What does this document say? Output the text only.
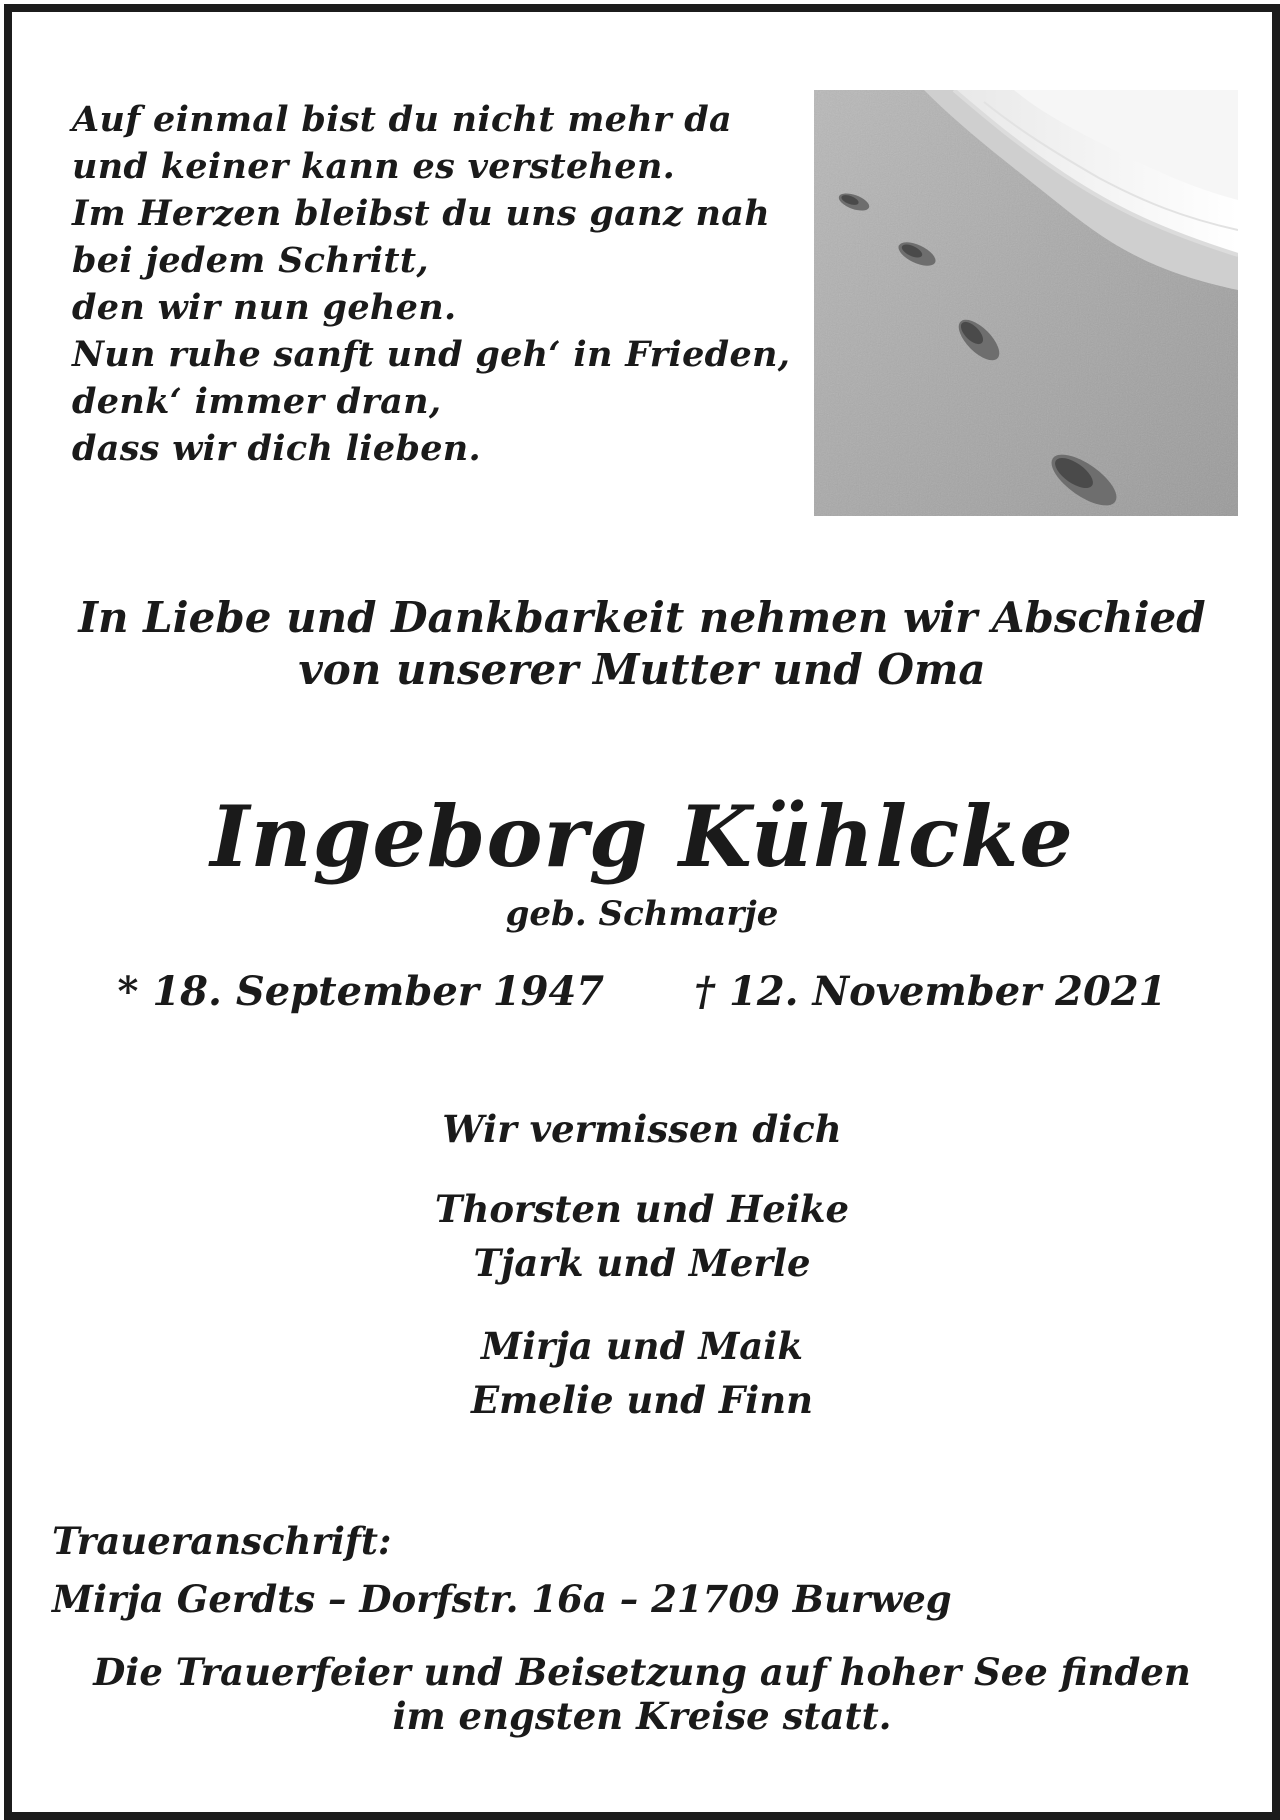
Auf einmal bist du nicht mehr da
und keiner kann es verstehen.
Im Herzen bleibst du uns ganz nah
bei jedem Schritt,
den wir nun gehen.
Nun ruhe sanft und geh‘ in Frieden,
denk‘ immer dran,
dass wir dich lieben.
In Liebe und Dankbarkeit nehmen wir Abschied
von unserer Mutter und Oma
Ingeborg Kühlcke
geb. Schmarje
* 18. September 1947 † 12. November 2021
Wir vermissen dich
Thorsten und Heike
Tjark und Merle
Mirja und Maik
Emelie und Finn
Traueranschrift:
Mirja Gerdts – Dorfstr. 16a – 21709 Burweg
Die Trauerfeier und Beisetzung auf hoher See finden
im engsten Kreise statt.
